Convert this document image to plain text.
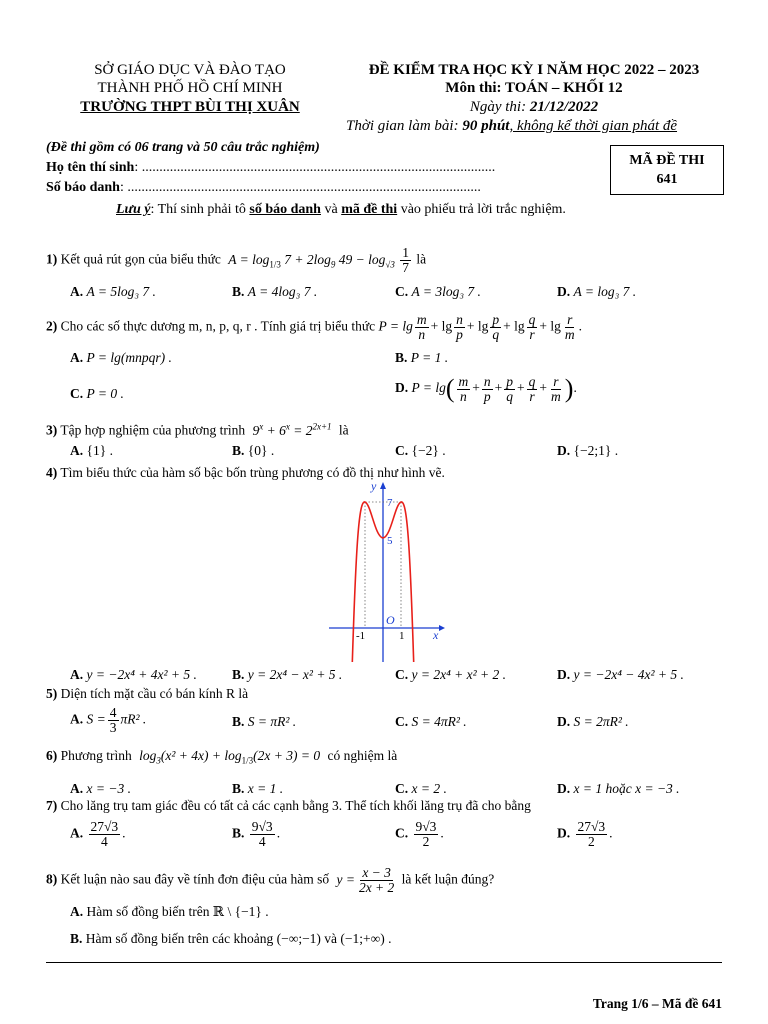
SỞ GIÁO DỤC VÀ ĐÀO TẠO
THÀNH PHỐ HỒ CHÍ MINH
TRƯỜNG THPT BÙI THỊ XUÂN
ĐỀ KIỂM TRA HỌC KỲ I NĂM HỌC 2022 – 2023
Môn thi: TOÁN – KHỐI 12
Ngày thi: 21/12/2022
Thời gian làm bài: 90 phút, không kể thời gian phát đề
(Đề thi gồm có 06 trang và 50 câu trắc nghiệm)
Họ tên thí sinh: .....................................................................................................
Số báo danh: .....................................................................................................
MÃ ĐỀ THI
641
Lưu ý: Thí sinh phải tô số báo danh và mã đề thi vào phiếu trả lời trắc nghiệm.
1) Kết quả rút gọn của biểu thức $A = \log_{1/3} 7 + 2\log_9$ $49 - \log_{√3} \frac{1}{7}$ là
A. A = 5log₃ 7 .	B. A = 4log₃ 7 .	C. A = 3log₃ 7 .	D. A = log₃ 7 .
2) Cho các số thực dương m, n, p, q, r . Tính giá trị biểu thức $P = \lg \frac{m}{n} + \lg \frac{n}{p} + \lg \frac{p}{q} + \lg \frac{q}{r} + \lg \frac{r}{m}$ .
A. P = lg(mnpqr) .	B. P = 1 .
C. P = 0 .	D. $P = \lg( \frac{m}{n} + \frac{n}{p} + \frac{p}{q} + \frac{q}{r} + \frac{r}{m}$ ).
3) Tập hợp nghiệm của phương trình $9^x + 6^x = 2^{2x+1}$ là
A. {1} .	B. {0} .	C. {−2} .	D. {−2;1} .
4) Tìm biểu thức của hàm số bậc bốn trùng phương có đồ thị như hình vẽ.
y
x
O
7
5
-1	1
A. y = −2x⁴ + 4x² + 5 .	B. y = 2x⁴ − x² + 5 .	C. y = 2x⁴ + x² + 2 .	D. y = −2x⁴ − 4x² + 5 .
5) Diện tích mặt cầu có bán kính R là
A. $S = \frac{4}{3} \pi R^2$ .	B. S = πR² .	C. S = 4πR² .	D. S = 2πR² .
6) Phương trình $\log_3(x^2 + 4x) + \log_{1/3}(2x + 3) = 0$ có nghiệm là
A. x = −3 .	B. x = 1 .	C. x = 2 .	D. x = 1 hoặc x = −3 .
7) Cho lăng trụ tam giác đều có tất cả các cạnh bằng 3. Thể tích khối lăng trụ đã cho bằng
A. $\frac{27√3}{4}$ .	B. $\frac{9√3}{4}$ .	C. $\frac{9√3}{2}$ .	D. $\frac{27√3}{2}$ .
8) Kết luận nào sau đây về tính đơn điệu của hàm số $y = \frac{x - 3}{2x + 2}$ là kết luận đúng?
A. Hàm số đồng biến trên ℝ \ {−1} .
B. Hàm số đồng biến trên các khoảng (−∞;−1) và (−1;+∞) .
Trang 1/6 – Mã đề 641
